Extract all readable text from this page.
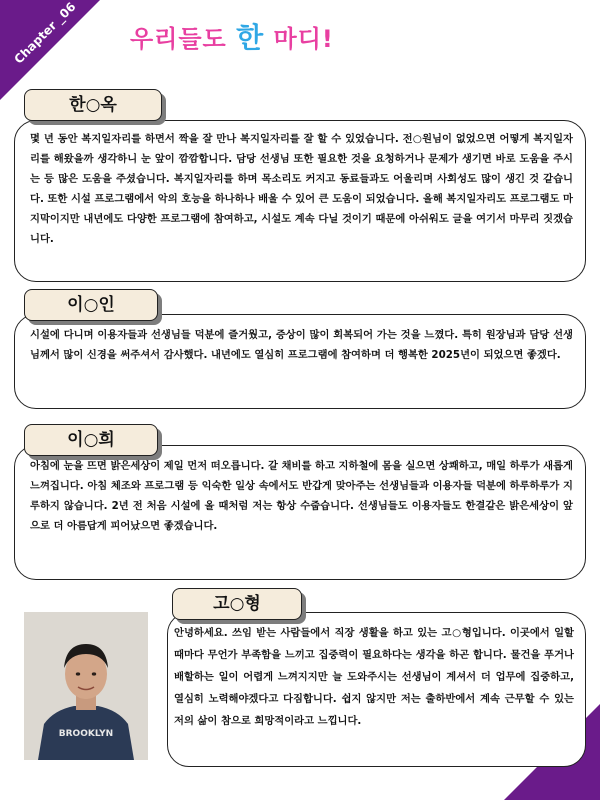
Chapter _06 우리들도 한 마디!
한○옥
몇 년 동안 복지일자리를 하면서 짝을 잘 만나 복지일자리를 잘 할 수 있었습니다. 전○원님이 없었으면 어떻게 복지일자리를 해왔을까 생각하니 눈 앞이 깜깜합니다. 담당 선생님 또한 필요한 것을 요청하거나 문제가 생기면 바로 도움을 주시는 등 많은 도움을 주셨습니다. 복지일자리를 하며 목소리도 커지고 동료들과도 어울리며 사회성도 많이 생긴 것 같습니다. 또한 시설 프로그램에서 악의 호능을 하나하나 배울 수 있어 큰 도움이 되었습니다. 올해 복지일자리도 프로그램도 마지막이지만 내년에도 다양한 프로그램에 참여하고, 시설도 계속 다닐 것이기 때문에 아쉬워도 글을 여기서 마무리 짓겠습니다.
이○인
시설에 다니며 이용자들과 선생님들 덕분에 즐거웠고, 증상이 많이 회복되어 가는 것을 느꼈다. 특히 원장님과 담당 선생님께서 많이 신경을 써주셔서 감사했다. 내년에도 열심히 프로그램에 참여하며 더 행복한 2025년이 되었으면 좋겠다.
이○희
아침에 눈을 뜨면 밝은세상이 제일 먼저 떠오릅니다. 갈 채비를 하고 지하철에 몸을 실으면 상쾌하고, 매일 하루가 새롭게 느껴집니다. 아침 체조와 프로그램 등 익숙한 일상 속에서도 반갑게 맞아주는 선생님들과 이용자들 덕분에 하루하루가 지루하지 않습니다. 2년 전 처음 시설에 올 때처럼 저는 항상 수줍습니다. 선생님들도 이용자들도 한결같은 밝은세상이 앞으로 더 아름답게 피어났으면 좋겠습니다.
BROOKLYN
고○형
안녕하세요. 쓰임 받는 사람들에서 직장 생활을 하고 있는 고○형입니다. 이곳에서 일할 때마다 무언가 부족함을 느끼고 집중력이 필요하다는 생각을 하곤 합니다. 물건을 푸거나 배할하는 일이 어렵게 느껴지지만 늘 도와주시는 선생님이 계셔서 더 업무에 집중하고, 열심히 노력해야겠다고 다짐합니다. 쉽지 않지만 저는 출하반에서 계속 근무할 수 있는 저의 삶이 참으로 희망적이라고 느낍니다.
